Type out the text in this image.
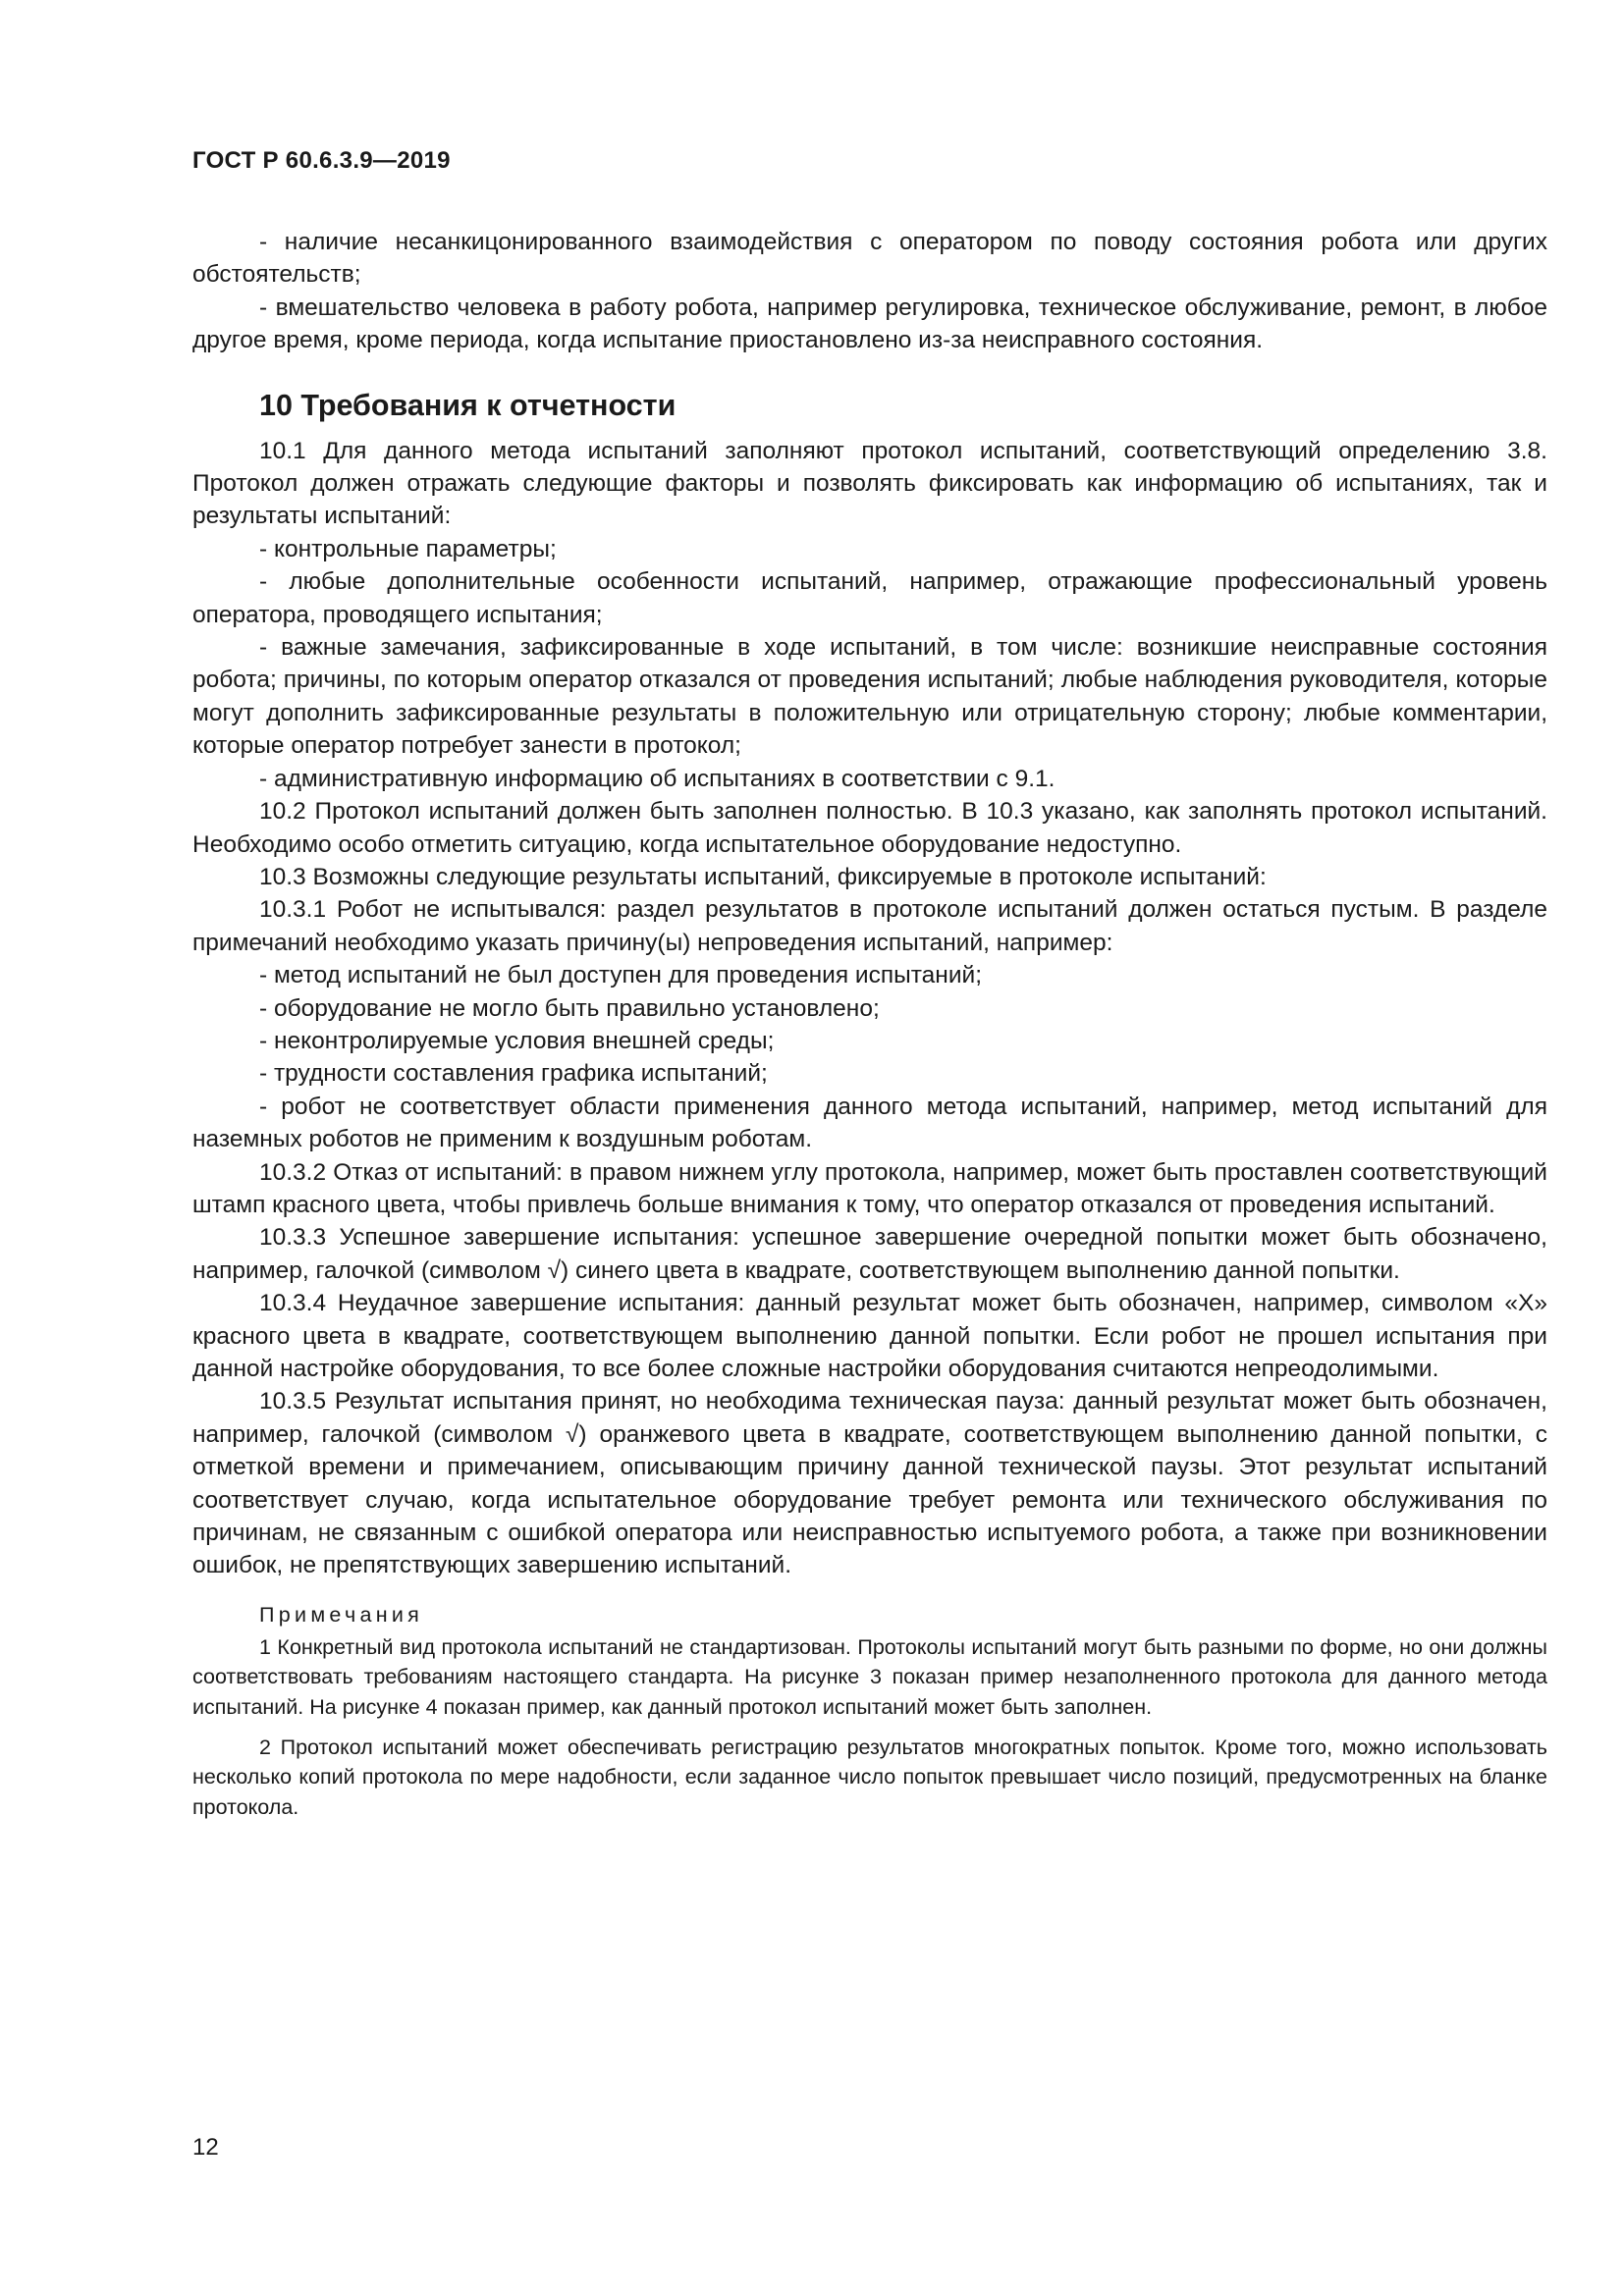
ГОСТ Р 60.6.3.9—2019

- наличие несанкицонированного взаимодействия с оператором по поводу состояния робота или других обстоятельств;

- вмешательство человека в работу робота, например регулировка, техническое обслуживание, ремонт, в любое другое время, кроме периода, когда испытание приостановлено из-за неисправного состояния.

10 Требования к отчетности

10.1 Для данного метода испытаний заполняют протокол испытаний, соответствующий определению 3.8. Протокол должен отражать следующие факторы и позволять фиксировать как информацию об испытаниях, так и результаты испытаний:

- контрольные параметры;

- любые дополнительные особенности испытаний, например, отражающие профессиональный уровень оператора, проводящего испытания;

- важные замечания, зафиксированные в ходе испытаний, в том числе: возникшие неисправные состояния робота; причины, по которым оператор отказался от проведения испытаний; любые наблюдения руководителя, которые могут дополнить зафиксированные результаты в положительную или отрицательную сторону; любые комментарии, которые оператор потребует занести в протокол;

- административную информацию об испытаниях в соответствии с 9.1.

10.2 Протокол испытаний должен быть заполнен полностью. В 10.3 указано, как заполнять протокол испытаний. Необходимо особо отметить ситуацию, когда испытательное оборудование недоступно.

10.3 Возможны следующие результаты испытаний, фиксируемые в протоколе испытаний:

10.3.1 Робот не испытывался: раздел результатов в протоколе испытаний должен остаться пустым. В разделе примечаний необходимо указать причину(ы) непроведения испытаний, например:

- метод испытаний не был доступен для проведения испытаний;

- оборудование не могло быть правильно установлено;

- неконтролируемые условия внешней среды;

- трудности составления графика испытаний;

- робот не соответствует области применения данного метода испытаний, например, метод испытаний для наземных роботов не применим к воздушным роботам.

10.3.2 Отказ от испытаний: в правом нижнем углу протокола, например, может быть проставлен соответствующий штамп красного цвета, чтобы привлечь больше внимания к тому, что оператор отказался от проведения испытаний.

10.3.3 Успешное завершение испытания: успешное завершение очередной попытки может быть обозначено, например, галочкой (символом √) синего цвета в квадрате, соответствующем выполнению данной попытки.

10.3.4 Неудачное завершение испытания: данный результат может быть обозначен, например, символом «X» красного цвета в квадрате, соответствующем выполнению данной попытки. Если робот не прошел испытания при данной настройке оборудования, то все более сложные настройки оборудования считаются непреодолимыми.

10.3.5 Результат испытания принят, но необходима техническая пауза: данный результат может быть обозначен, например, галочкой (символом √) оранжевого цвета в квадрате, соответствующем выполнению данной попытки, с отметкой времени и примечанием, описывающим причину данной технической паузы. Этот результат испытаний соответствует случаю, когда испытательное оборудование требует ремонта или технического обслуживания по причинам, не связанным с ошибкой оператора или неисправностью испытуемого робота, а также при возникновении ошибок, не препятствующих завершению испытаний.

Примечания

1 Конкретный вид протокола испытаний не стандартизован. Протоколы испытаний могут быть разными по форме, но они должны соответствовать требованиям настоящего стандарта. На рисунке 3 показан пример незаполненного протокола для данного метода испытаний. На рисунке 4 показан пример, как данный протокол испытаний может быть заполнен.

2 Протокол испытаний может обеспечивать регистрацию результатов многократных попыток. Кроме того, можно использовать несколько копий протокола по мере надобности, если заданное число попыток превышает число позиций, предусмотренных на бланке протокола.

12
